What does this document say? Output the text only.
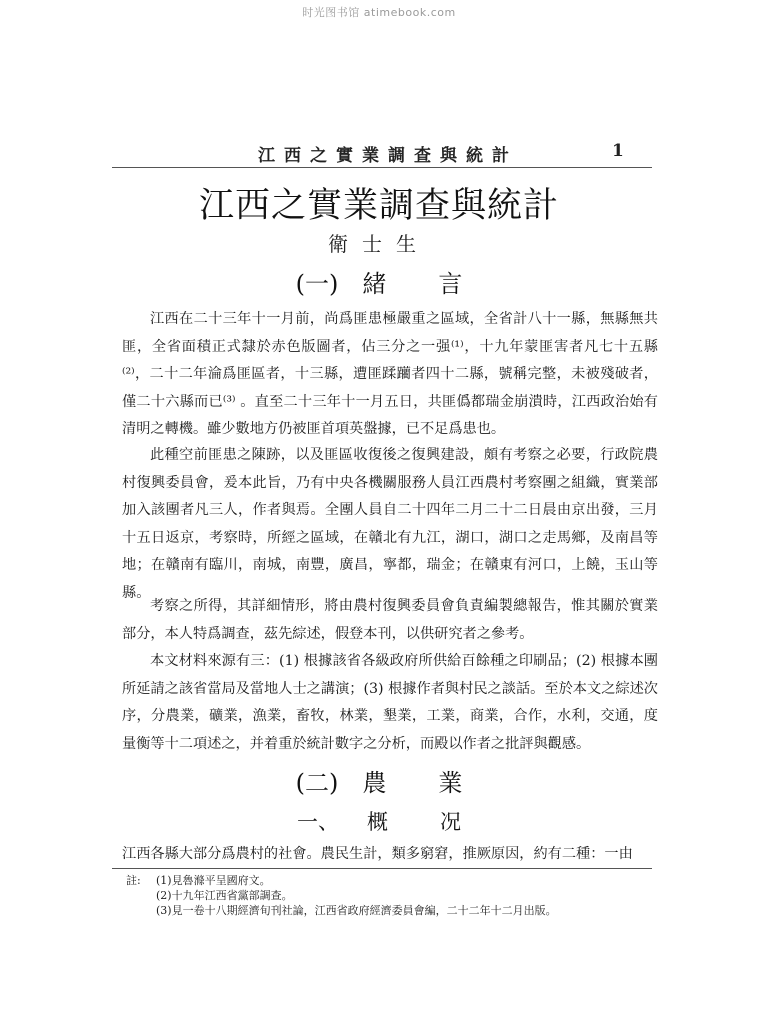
时光图书馆 atimebook.com
江西之實業調查與統計	1
江西之實業調查與統計
衛士生
(一) 緒 言
江西在二十三年十一月前，尚爲匪患極嚴重之區域，全省計八十一縣，無縣無共匪，全省面積正式隸於赤色版圖者，佔三分之一强⁽¹⁾，十九年蒙匪害者凡七十五縣⁽²⁾，二十二年淪爲匪區者，十三縣，遭匪蹂躪者四十二縣，號稱完整，未被殘破者，僅二十六縣而已⁽³⁾ 。直至二十三年十一月五日，共匪僞都瑞金崩潰時，江西政治始有清明之轉機。雖少數地方仍被匪首項英盤據，已不足爲患也。
此種空前匪患之陳跡，以及匪區收復後之復興建設，頗有考察之必要，行政院農村復興委員會，爰本此旨，乃有中央各機關服務人員江西農村考察團之組織，實業部加入該團者凡三人，作者與焉。全團人員自二十四年二月二十二日晨由京出發，三月十五日返京，考察時，所經之區域，在贛北有九江，湖口，湖口之走馬鄉，及南昌等地；在贛南有臨川，南城，南豐，廣昌，寧都，瑞金；在贛東有河口，上饒，玉山等縣。
考察之所得，其詳細情形，將由農村復興委員會負責編製總報告，惟其關於實業部分，本人特爲調查，茲先綜述，假登本刊，以供研究者之參考。
本文材料來源有三：(1) 根據該省各級政府所供給百餘種之印刷品；(2) 根據本團所延請之該省當局及當地人士之講演；(3) 根據作者與村民之談話。至於本文之綜述次序，分農業，礦業，漁業，畜牧，林業，墾業，工業，商業，合作，水利，交通，度量衡等十二項述之，并着重於統計數字之分析，而殿以作者之批評與觀感。
(二) 農 業
一、 概 况
江西各縣大部分爲農村的社會。農民生計，類多窮窘，推厥原因，約有二種：一由
註: (1)見魯滌平呈國府文。
(2)十九年江西省黨部調查。
(3)見一卷十八期經濟旬刊社論，江西省政府經濟委員會編，二十二年十二月出版。
